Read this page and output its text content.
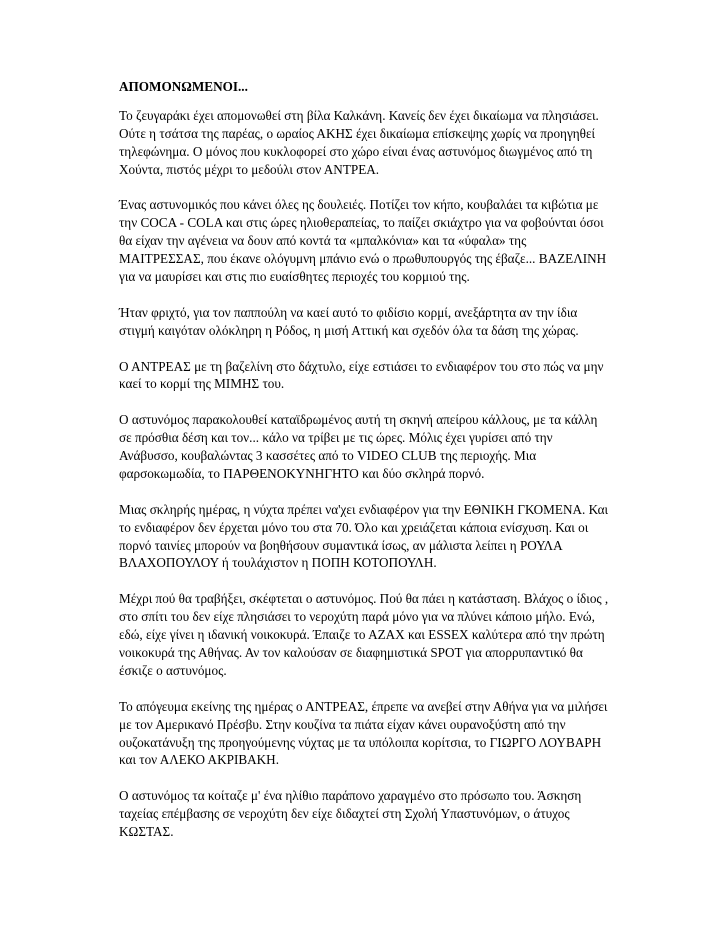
ΑΠΟΜΟΝΩΜΕΝΟΙ...

Το ζευγαράκι έχει απομονωθεί στη βίλα Καλκάνη. Κανείς δεν έχει δικαίωμα να πλησιάσει. Ούτε η τσάτσα της παρέας, ο ωραίος ΑΚΗΣ έχει δικαίωμα επίσκεψης χωρίς να προηγηθεί τηλεφώνημα. Ο μόνος που κυκλοφορεί στο χώρο είναι ένας αστυνόμος διωγμένος από τη Χούντα, πιστός μέχρι το μεδούλι στον ΑΝΤΡΕΑ.

Ένας αστυνομικός που κάνει όλες ης δουλειές. Ποτίζει τον κήπο, κουβαλάει τα κιβώτια με την COCA - COLA και στις ώρες ηλιοθεραπείας, το παίζει σκιάχτρο για να φοβούνται όσοι θα είχαν την αγένεια να δουν από κοντά τα «μπαλκόνια» και τα «ύφαλα» της ΜΑΙΤΡΕΣΣΑΣ, που έκανε ολόγυμνη μπάνιο ενώ ο πρωθυπουργός της έβαζε... ΒΑΖΕΛΙΝΗ για να μαυρίσει και στις πιο ευαίσθητες περιοχές του κορμιού της.

Ήταν φριχτό, για τον παππούλη να καεί αυτό το φιδίσιο κορμί, ανεξάρτητα αν την ίδια στιγμή καιγόταν ολόκληρη η Ρόδος, η μισή Αττική και σχεδόν όλα τα δάση της χώρας.

Ο ΑΝΤΡΕΑΣ με τη βαζελίνη στο δάχτυλο, είχε εστιάσει το ενδιαφέρον του στο πώς να μην καεί το κορμί της ΜΙΜΗΣ του.

Ο αστυνόμος παρακολουθεί καταϊδρωμένος αυτή τη σκηνή απείρου κάλλους, με τα κάλλη σε πρόσθια δέση και τον... κάλο να τρίβει με τις ώρες. Μόλις έχει γυρίσει από την Ανάβυσσο, κουβαλώντας 3 κασσέτες από το VIDEO CLUB της περιοχής. Μια φαρσοκωμωδία, το ΠΑΡΘΕΝΟΚΥΝΗΓΗΤΟ και δύο σκληρά πορνό.

Μιας σκληρής ημέρας, η νύχτα πρέπει να'χει ενδιαφέρον για την ΕΘΝΙΚΗ ΓΚΟΜΕΝΑ. Και το ενδιαφέρον δεν έρχεται μόνο του στα 70. Όλο και χρειάζεται κάποια ενίσχυση. Και οι πορνό ταινίες μπορούν να βοηθήσουν συμαντικά ίσως, αν μάλιστα λείπει η ΡΟΥΛΑ ΒΛΑΧΟΠΟΥΛΟΥ ή τουλάχιστον η ΠΟΠΗ ΚΟΤΟΠΟΥΛΗ.

Μέχρι πού θα τραβήξει, σκέφτεται ο αστυνόμος. Πού θα πάει η κατάσταση. Βλάχος ο ίδιος , στο σπίτι του δεν είχε πλησιάσει το νεροχύτη παρά μόνο για να πλύνει κάποιο μήλο. Ενώ, εδώ, είχε γίνει η ιδανική νοικοκυρά. Έπαιζε το ΑΖΑΧ και ESSEX καλύτερα από την πρώτη νοικοκυρά της Αθήνας. Αν τον καλούσαν σε διαφημιστικά SPOT για απορρυπαντικό θα έσκιζε ο αστυνόμος.

Το απόγευμα εκείνης της ημέρας ο ΑΝΤΡΕΑΣ, έπρεπε να ανεβεί στην Αθήνα για να μιλήσει με τον Αμερικανό Πρέσβυ. Στην κουζίνα τα πιάτα είχαν κάνει ουρανοξύστη από την ουζοκατάνυξη της προηγούμενης νύχτας με τα υπόλοιπα κορίτσια, το ΓΙΩΡΓΟ ΛΟΥΒΑΡΗ και τον ΑΛΕΚΟ ΑΚΡΙΒΑΚΗ.

Ο αστυνόμος τα κοίταζε μ' ένα ηλίθιο παράπονο χαραγμένο στο πρόσωπο του. Άσκηση ταχείας επέμβασης σε νεροχύτη δεν είχε διδαχτεί στη Σχολή Υπαστυνόμων, ο άτυχος ΚΩΣΤΑΣ.
